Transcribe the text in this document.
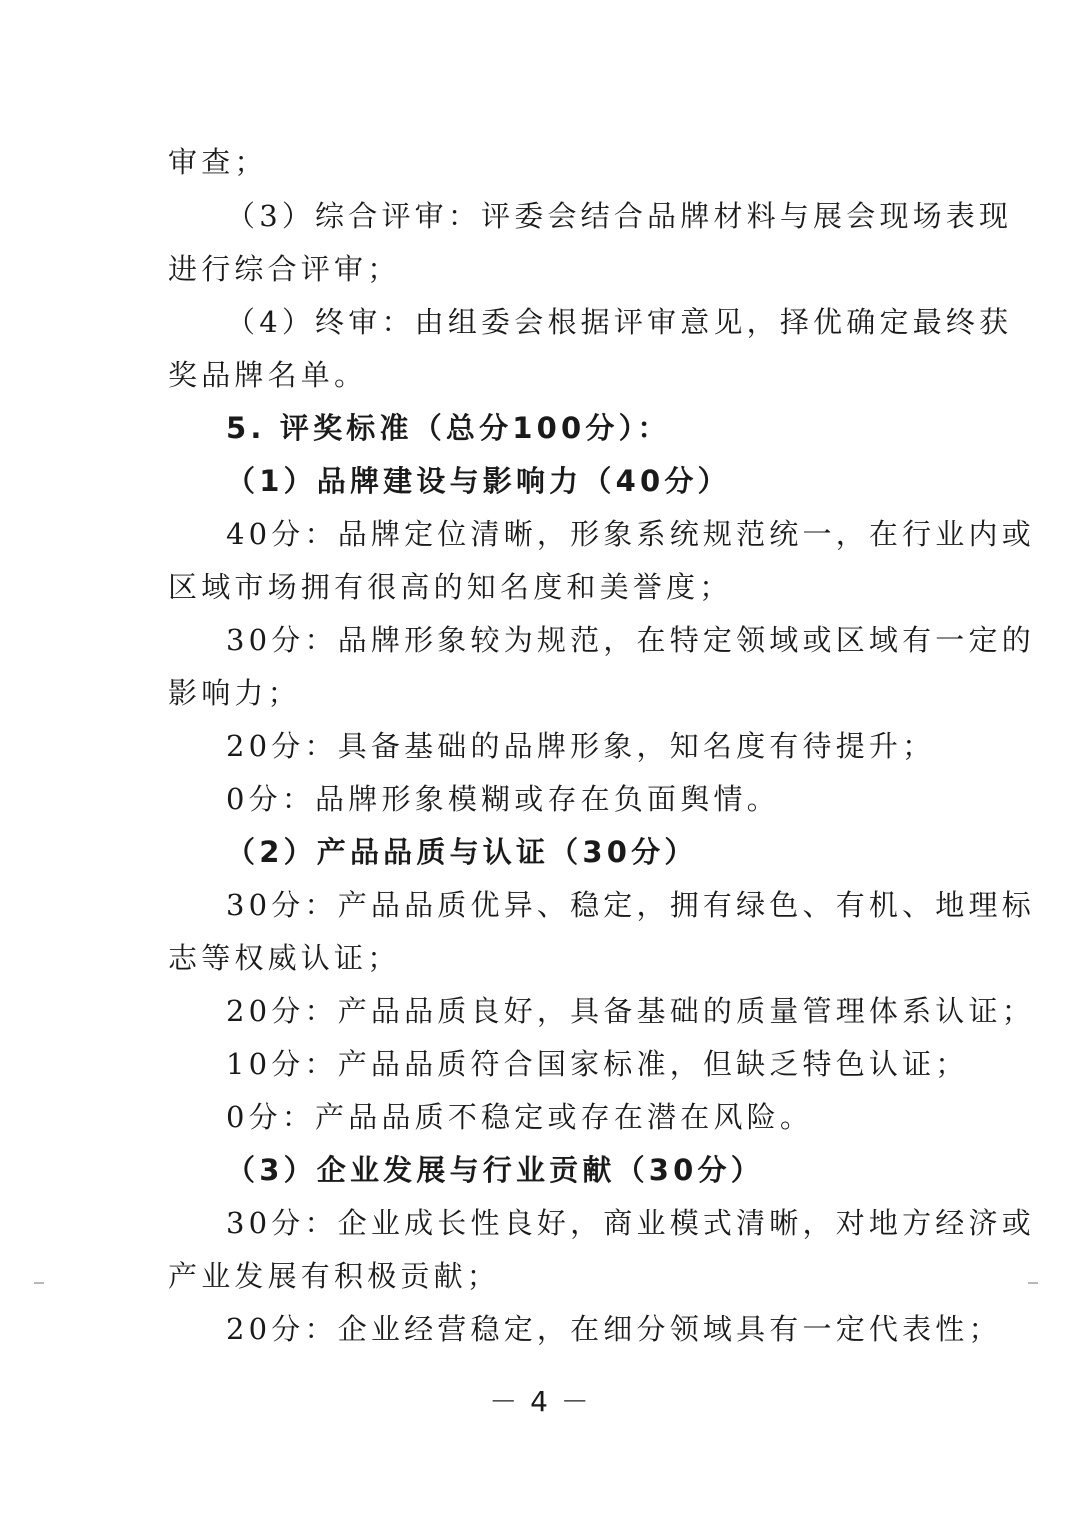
审查；
（3）综合评审：评委会结合品牌材料与展会现场表现
进行综合评审；
（4）终审：由组委会根据评审意见，择优确定最终获
奖品牌名单。
5. 评奖标准（总分100分）：
（1）品牌建设与影响力（40分）
40分：品牌定位清晰，形象系统规范统一，在行业内或
区域市场拥有很高的知名度和美誉度；
30分：品牌形象较为规范，在特定领域或区域有一定的
影响力；
20分：具备基础的品牌形象，知名度有待提升；
0分：品牌形象模糊或存在负面舆情。
（2）产品品质与认证（30分）
30分：产品品质优异、稳定，拥有绿色、有机、地理标
志等权威认证；
20分：产品品质良好，具备基础的质量管理体系认证；
10分：产品品质符合国家标准，但缺乏特色认证；
0分：产品品质不稳定或存在潜在风险。
（3）企业发展与行业贡献（30分）
30分：企业成长性良好，商业模式清晰，对地方经济或
产业发展有积极贡献；
20分：企业经营稳定，在细分领域具有一定代表性；
－ 4 －
